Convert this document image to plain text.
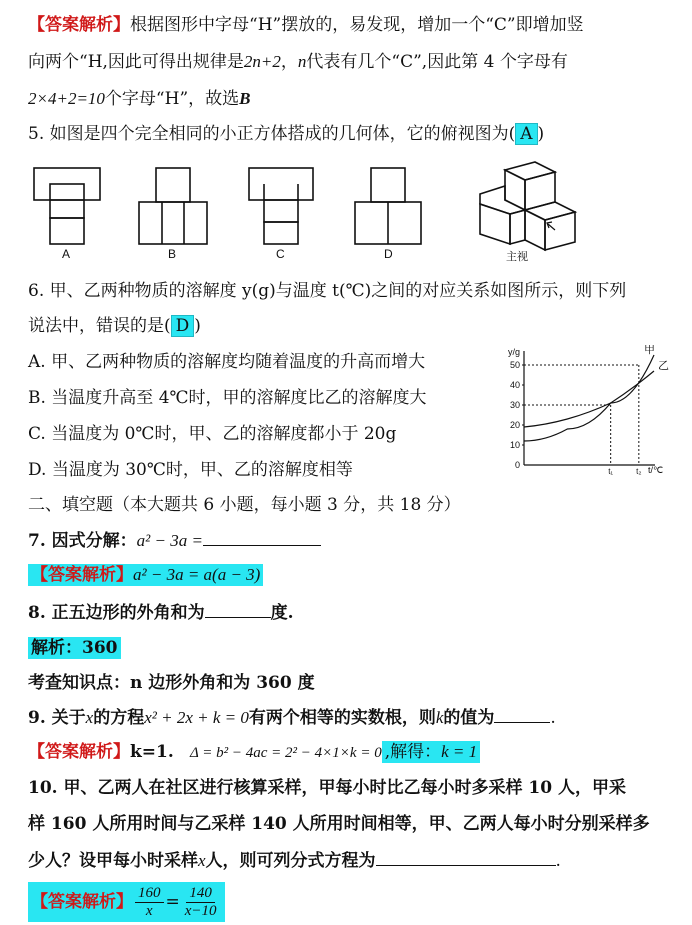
【答案解析】根据图形中字母“H”摆放的，易发现，增加一个“C”即增加竖
向两个“H,因此可得出规律是2n+2，n代表有几个“C”,因此第 4 个字母有
2×4+2=10个字母“H”，故选B
5. 如图是四个完全相同的小正方体搭成的几何体，它的俯视图为( A )
主视
A	B	C	D
6. 甲、乙两种物质的溶解度 y(g)与温度 t(℃)之间的对应关系如图所示，则下列
说法中，错误的是( D )
A. 甲、乙两种物质的溶解度均随着温度的升高而增大
B. 当温度升高至 4℃时，甲的溶解度比乙的溶解度大
C. 当温度为 0℃时，甲、乙的溶解度都小于 20g
D. 当温度为 30℃时，甲、乙的溶解度相等
y/g
t/℃
50
40
30
20
10
0
t₁	t₂
甲
乙
二、填空题（本大题共 6 小题，每小题 3 分，共 18 分）
7. 因式分解：a² − 3a =
【答案解析】a² − 3a = a(a − 3)
8. 正五边形的外角和为	度.
解析：360
考查知识点：n 边形外角和为 360 度
9. 关于x的方程x² + 2x + k = 0有两个相等的实数根，则k的值为	.
【答案解析】k=1. Δ = b² − 4ac = 2² − 4×1×k = 0 ,解得：k = 1
10. 甲、乙两人在社区进行核算采样，甲每小时比乙每小时多采样 10 人，甲采
样 160 人所用时间与乙采样 140 人所用时间相等，甲、乙两人每小时分别采样多
少人？设甲每小时采样x人，则可列分式方程为	.
【答案解析】 $\frac{160}{x} = \frac{140}{x-10}$
